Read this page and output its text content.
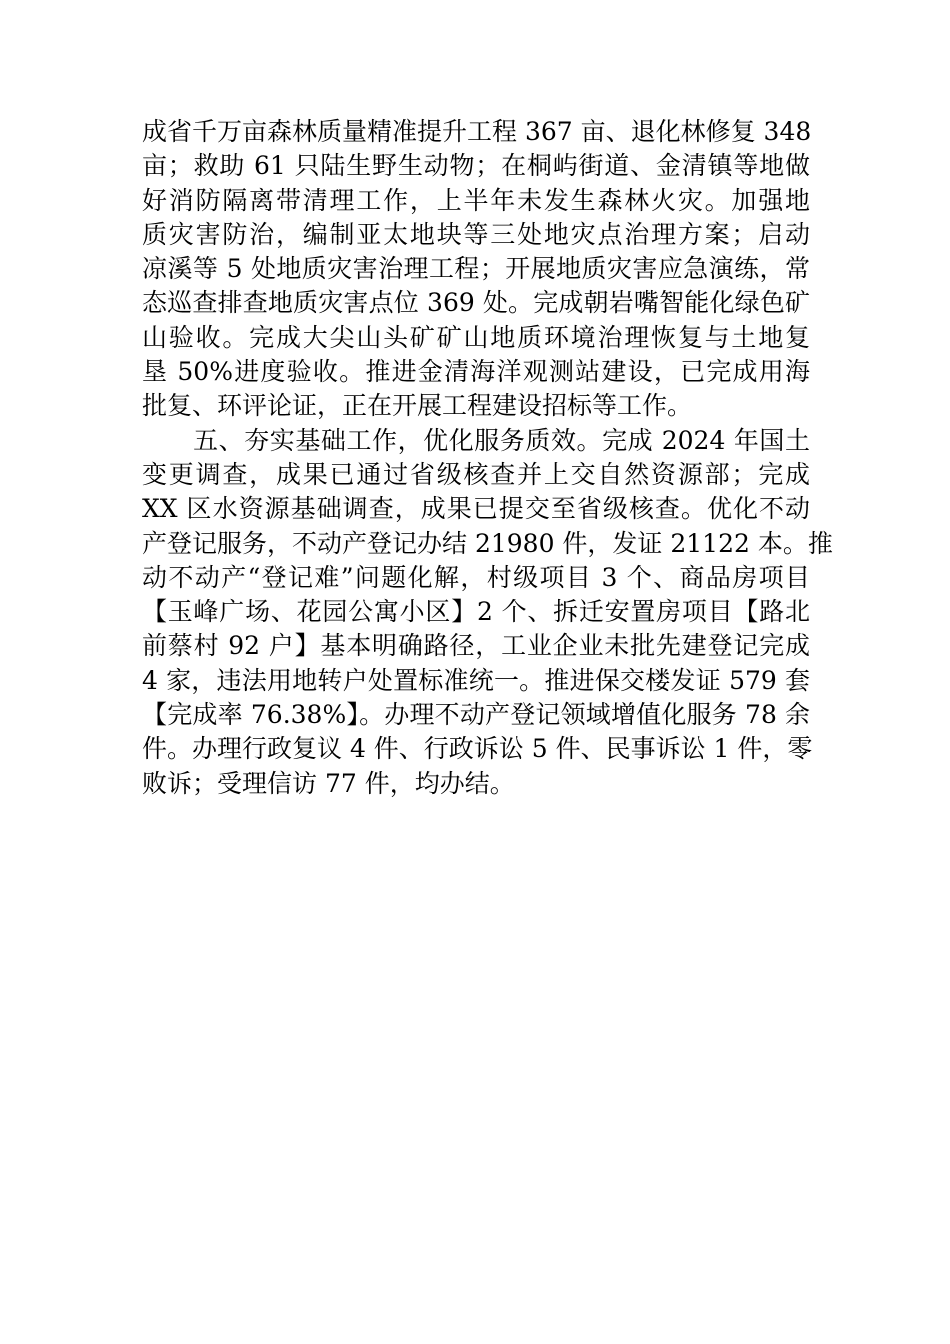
成省千万亩森林质量精准提升工程 367 亩、退化林修复 348
亩；救助 61 只陆生野生动物；在桐屿街道、金清镇等地做
好消防隔离带清理工作，上半年未发生森林火灾。加强地
质灾害防治，编制亚太地块等三处地灾点治理方案；启动
凉溪等 5 处地质灾害治理工程；开展地质灾害应急演练，常
态巡查排查地质灾害点位 369 处。完成朝岩嘴智能化绿色矿
山验收。完成大尖山头矿矿山地质环境治理恢复与土地复
垦 50%进度验收。推进金清海洋观测站建设，已完成用海
批复、环评论证，正在开展工程建设招标等工作。
　　五、夯实基础工作，优化服务质效。完成 2024 年国土
变更调查，成果已通过省级核查并上交自然资源部；完成
XX 区水资源基础调查，成果已提交至省级核查。优化不动
产登记服务，不动产登记办结 21980 件，发证 21122 本。推
动不动产“登记难”问题化解，村级项目 3 个、商品房项目
【玉峰广场、花园公寓小区】2 个、拆迁安置房项目【路北
前蔡村 92 户】基本明确路径，工业企业未批先建登记完成
4 家，违法用地转户处置标准统一。推进保交楼发证 579 套
【完成率 76.38%】。办理不动产登记领域增值化服务 78 余
件。办理行政复议 4 件、行政诉讼 5 件、民事诉讼 1 件，零
败诉；受理信访 77 件，均办结。
